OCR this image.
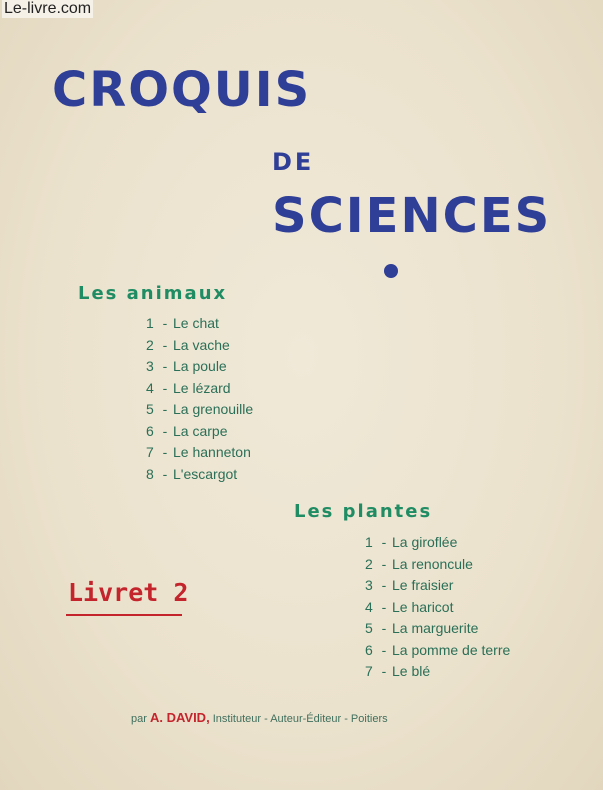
Le-livre.com
CROQUIS
DE
SCIENCES
Les animaux
1 - Le chat
2 - La vache
3 - La poule
4 - Le lézard
5 - La grenouille
6 - La carpe
7 - Le hanneton
8 - L'escargot
Les plantes
1 - La giroflée
2 - La renoncule
3 - Le fraisier
4 - Le haricot
5 - La marguerite
6 - La pomme de terre
7 - Le blé
Livret 2
par A. DAVID, Instituteur - Auteur-Éditeur - Poitiers
